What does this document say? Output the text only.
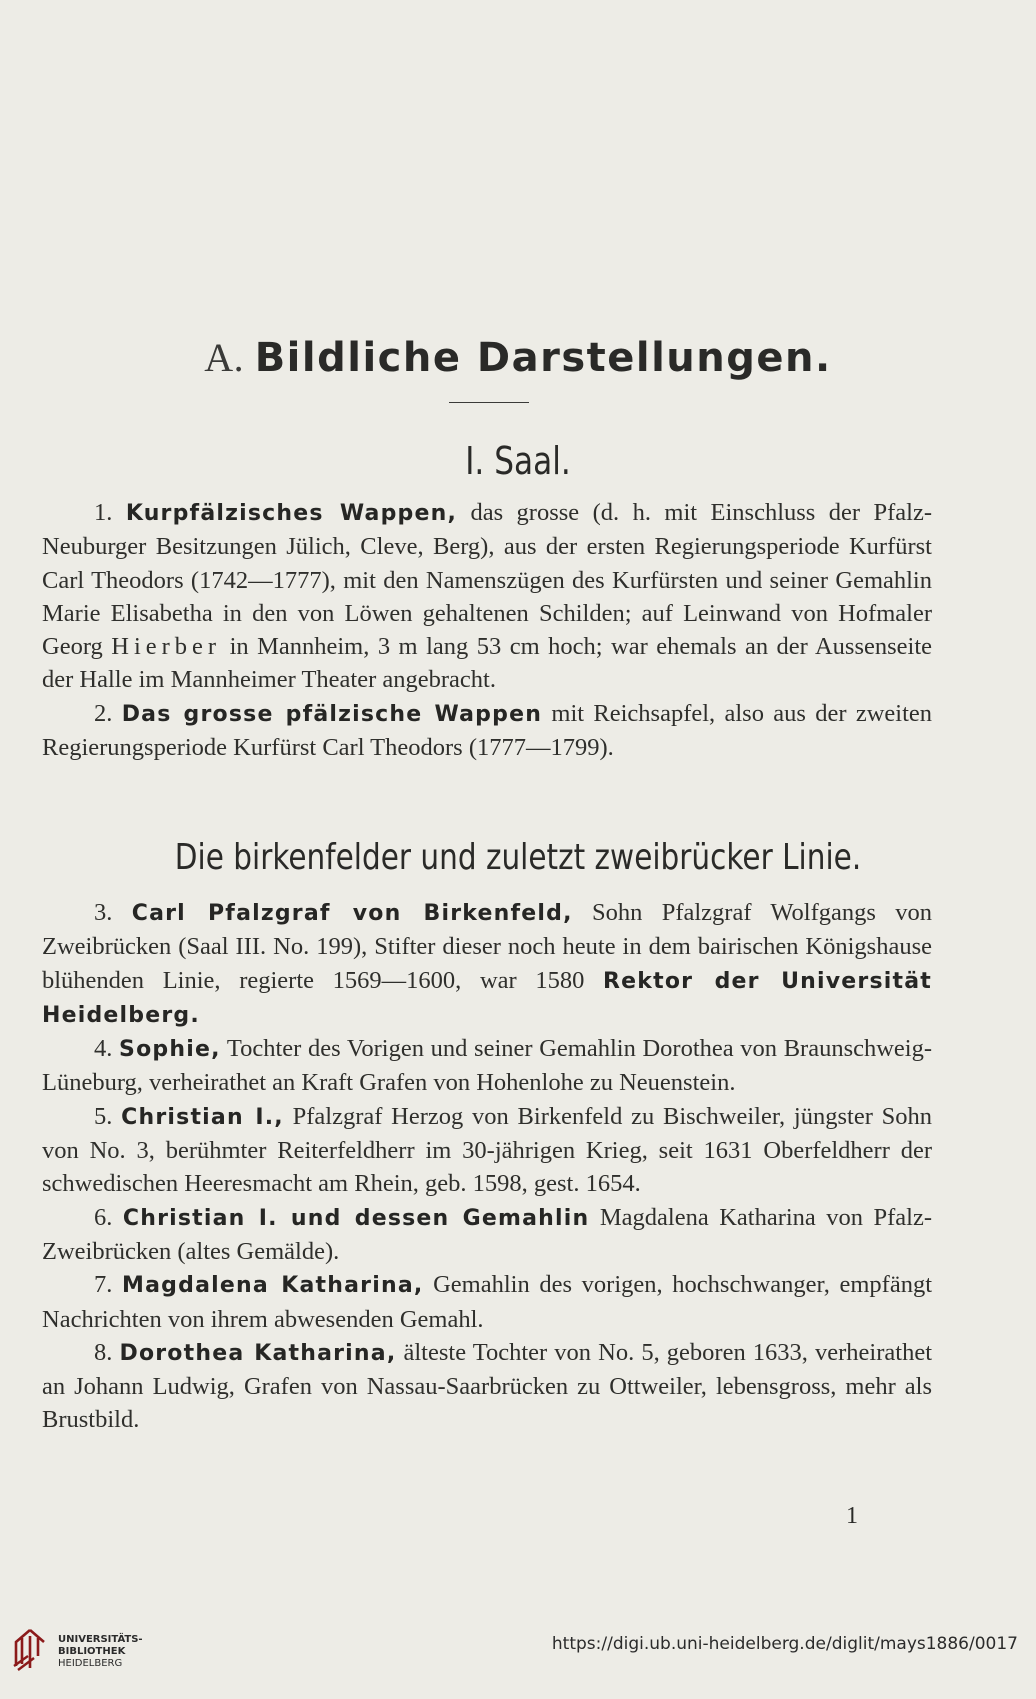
A. Bildliche Darstellungen.
I. Saal.

1. Kurpfälzisches Wappen, das grosse (d. h. mit Einschluss der Pfalz-Neuburger Besitzungen Jülich, Cleve, Berg), aus der ersten Regierungsperiode Kurfürst Carl Theodors (1742—1777), mit den Namenszügen des Kurfürsten und seiner Gemahlin Marie Elisabetha in den von Löwen gehaltenen Schilden; auf Leinwand von Hofmaler Georg Hierber in Mannheim, 3 m lang 53 cm hoch; war ehemals an der Aussenseite der Halle im Mannheimer Theater angebracht.

2. Das grosse pfälzische Wappen mit Reichsapfel, also aus der zweiten Regierungsperiode Kurfürst Carl Theodors (1777—1799).

Die birkenfelder und zuletzt zweibrücker Linie.

3. Carl Pfalzgraf von Birkenfeld, Sohn Pfalzgraf Wolfgangs von Zweibrücken (Saal III. No. 199), Stifter dieser noch heute in dem bairischen Königshause blühenden Linie, regierte 1569—1600, war 1580 Rektor der Universität Heidelberg.

4. Sophie, Tochter des Vorigen und seiner Gemahlin Dorothea von Braunschweig-Lüneburg, verheirathet an Kraft Grafen von Hohenlohe zu Neuenstein.

5. Christian I., Pfalzgraf Herzog von Birkenfeld zu Bischweiler, jüngster Sohn von No. 3, berühmter Reiterfeldherr im 30-jährigen Krieg, seit 1631 Oberfeldherr der schwedischen Heeresmacht am Rhein, geb. 1598, gest. 1654.

6. Christian I. und dessen Gemahlin Magdalena Katharina von Pfalz-Zweibrücken (altes Gemälde).

7. Magdalena Katharina, Gemahlin des vorigen, hochschwanger, empfängt Nachrichten von ihrem abwesenden Gemahl.

8. Dorothea Katharina, älteste Tochter von No. 5, geboren 1633, verheirathet an Johann Ludwig, Grafen von Nassau-Saarbrücken zu Ottweiler, lebensgross, mehr als Brustbild.

1
UNIVERSITÄTS-
BIBLIOTHEK
HEIDELBERG
https://digi.ub.uni-heidelberg.de/diglit/mays1886/0017
